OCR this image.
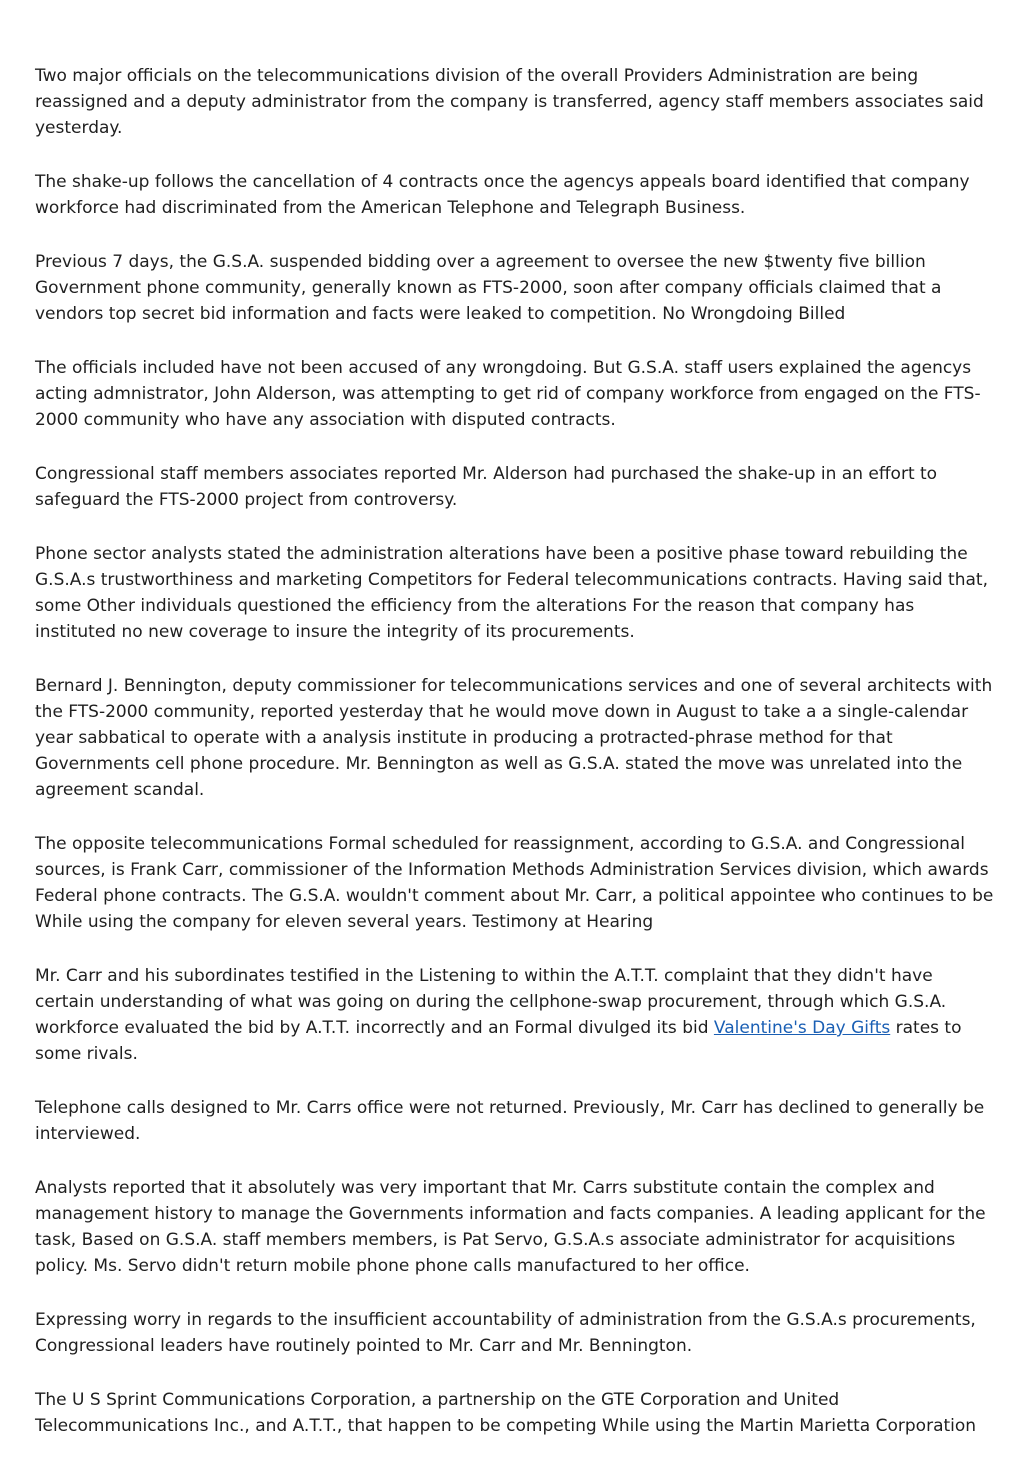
Two major officials on the telecommunications division of the overall Providers Administration are being reassigned and a deputy administrator from the company is transferred, agency staff members associates said yesterday.

The shake-up follows the cancellation of 4 contracts once the agencys appeals board identified that company workforce had discriminated from the American Telephone and Telegraph Business.

Previous 7 days, the G.S.A. suspended bidding over a agreement to oversee the new $twenty five billion Government phone community, generally known as FTS-2000, soon after company officials claimed that a vendors top secret bid information and facts were leaked to competition. No Wrongdoing Billed

The officials included have not been accused of any wrongdoing. But G.S.A. staff users explained the agencys acting admnistrator, John Alderson, was attempting to get rid of company workforce from engaged on the FTS-2000 community who have any association with disputed contracts.

Congressional staff members associates reported Mr. Alderson had purchased the shake-up in an effort to safeguard the FTS-2000 project from controversy.

Phone sector analysts stated the administration alterations have been a positive phase toward rebuilding the G.S.A.s trustworthiness and marketing Competitors for Federal telecommunications contracts. Having said that, some Other individuals questioned the efficiency from the alterations For the reason that company has instituted no new coverage to insure the integrity of its procurements.

Bernard J. Bennington, deputy commissioner for telecommunications services and one of several architects with the FTS-2000 community, reported yesterday that he would move down in August to take a a single-calendar year sabbatical to operate with a analysis institute in producing a protracted-phrase method for that Governments cell phone procedure. Mr. Bennington as well as G.S.A. stated the move was unrelated into the agreement scandal.

The opposite telecommunications Formal scheduled for reassignment, according to G.S.A. and Congressional sources, is Frank Carr, commissioner of the Information Methods Administration Services division, which awards Federal phone contracts. The G.S.A. wouldn't comment about Mr. Carr, a political appointee who continues to be While using the company for eleven several years. Testimony at Hearing

Mr. Carr and his subordinates testified in the Listening to within the A.T.T. complaint that they didn't have certain understanding of what was going on during the cellphone-swap procurement, through which G.S.A. workforce evaluated the bid by A.T.T. incorrectly and an Formal divulged its bid Valentine's Day Gifts rates to some rivals.

Telephone calls designed to Mr. Carrs office were not returned. Previously, Mr. Carr has declined to generally be interviewed.

Analysts reported that it absolutely was very important that Mr. Carrs substitute contain the complex and management history to manage the Governments information and facts companies. A leading applicant for the task, Based on G.S.A. staff members members, is Pat Servo, G.S.A.s associate administrator for acquisitions policy. Ms. Servo didn't return mobile phone phone calls manufactured to her office.

Expressing worry in regards to the insufficient accountability of administration from the G.S.A.s procurements, Congressional leaders have routinely pointed to Mr. Carr and Mr. Bennington.

The U S Sprint Communications Corporation, a partnership on the GTE Corporation and United Telecommunications Inc., and A.T.T., that happen to be competing While using the Martin Marietta Corporation
